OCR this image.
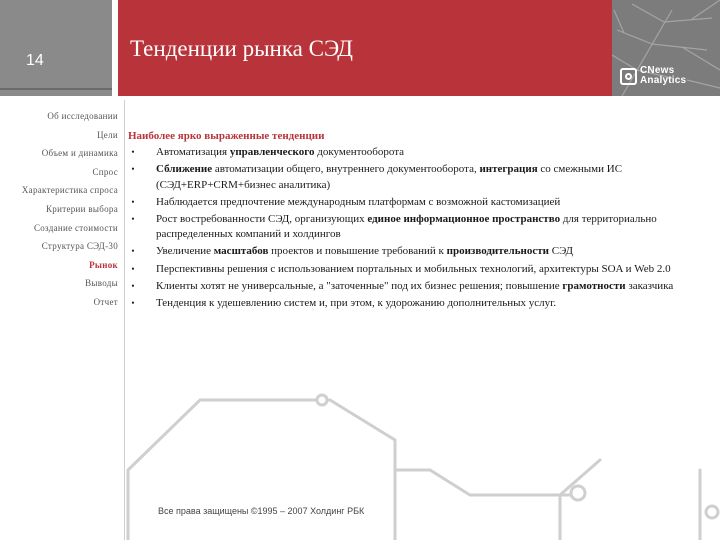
14	Тенденции рынка СЭД
CNews
Analytics
Об исследовании
Цели
Объем и динамика
Спрос
Характеристика спроса
Критерии выбора
Создание стоимости
Структура СЭД-30
Рынок
Выводы
Отчет
Наиболее ярко выраженные тенденции
•	Автоматизация управленческого документооборота
•	Сближение автоматизации общего, внутреннего документооборота, интеграция со смежными ИС (СЭД+ERP+CRM+бизнес аналитика)
•	Наблюдается предпочтение международным платформам с возможной кастомизацией
•	Рост востребованности СЭД, организующих единое информационное пространство для территориально распределенных компаний и холдингов
•	Увеличение масштабов проектов и повышение требований к производительности СЭД
•	Перспективны решения с использованием портальных и мобильных технологий, архитектуры SOA и Web 2.0
•	Клиенты хотят не универсальные, а "заточенные" под их бизнес решения; повышение грамотности заказчика
•	Тенденция к удешевлению систем и, при этом, к удорожанию дополнительных услуг.
Все права защищены ©1995 – 2007 Холдинг РБК
